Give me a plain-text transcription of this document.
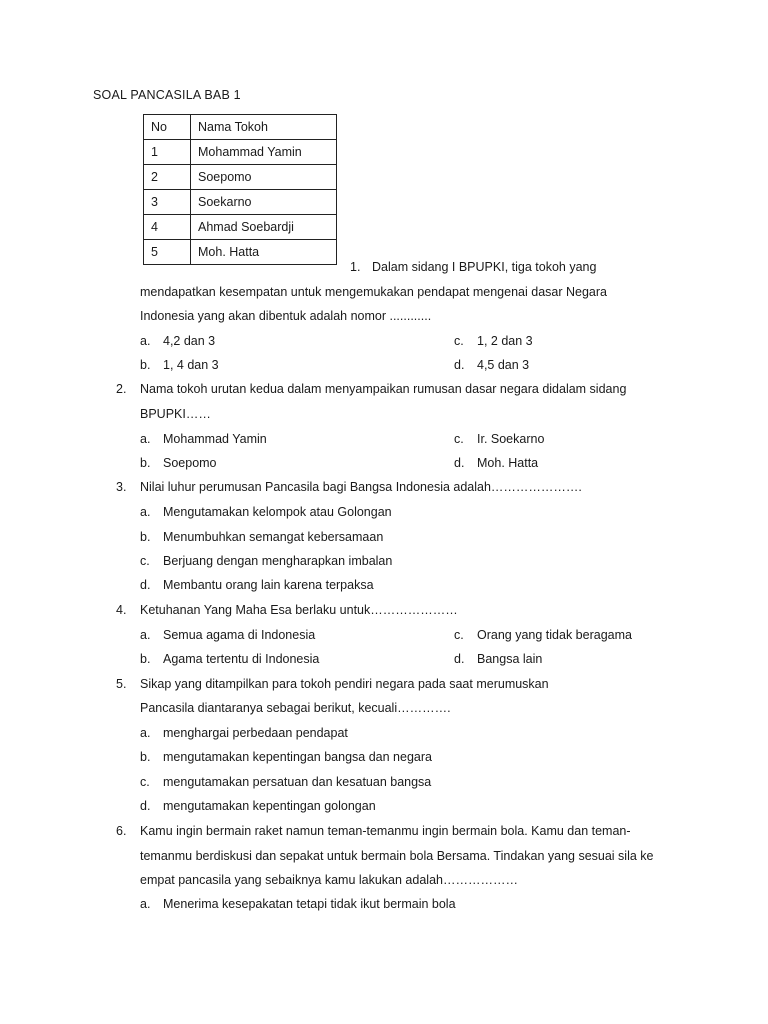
SOAL PANCASILA BAB 1
No	Nama Tokoh
1	Mohammad Yamin
2	Soepomo
3	Soekarno
4	Ahmad Soebardji
5	Moh. Hatta
1. Dalam sidang I BPUPKI, tiga tokoh yang
mendapatkan kesempatan untuk mengemukakan pendapat mengenai dasar Negara
Indonesia yang akan dibentuk adalah nomor ............
a. 4,2 dan 3	c. 1, 2 dan 3
b. 1, 4 dan 3	d. 4,5 dan 3
2. Nama tokoh urutan kedua dalam menyampaikan rumusan dasar negara didalam sidang
BPUPKI……
a. Mohammad Yamin	c. Ir. Soekarno
b. Soepomo	d. Moh. Hatta
3. Nilai luhur perumusan Pancasila bagi Bangsa Indonesia adalah………………….
a. Mengutamakan kelompok atau Golongan
b. Menumbuhkan semangat kebersamaan
c. Berjuang dengan mengharapkan imbalan
d. Membantu orang lain karena terpaksa
4. Ketuhanan Yang Maha Esa berlaku untuk…………………
a. Semua agama di Indonesia	c. Orang yang tidak beragama
b. Agama tertentu di Indonesia	d. Bangsa lain
5. Sikap yang ditampilkan para tokoh pendiri negara pada saat merumuskan
Pancasila diantaranya sebagai berikut, kecuali………….
a. menghargai perbedaan pendapat
b. mengutamakan kepentingan bangsa dan negara
c. mengutamakan persatuan dan kesatuan bangsa
d. mengutamakan kepentingan golongan
6. Kamu ingin bermain raket namun teman-temanmu ingin bermain bola. Kamu dan teman-
temanmu berdiskusi dan sepakat untuk bermain bola Bersama. Tindakan yang sesuai sila ke
empat pancasila yang sebaiknya kamu lakukan adalah………………
a. Menerima kesepakatan tetapi tidak ikut bermain bola
